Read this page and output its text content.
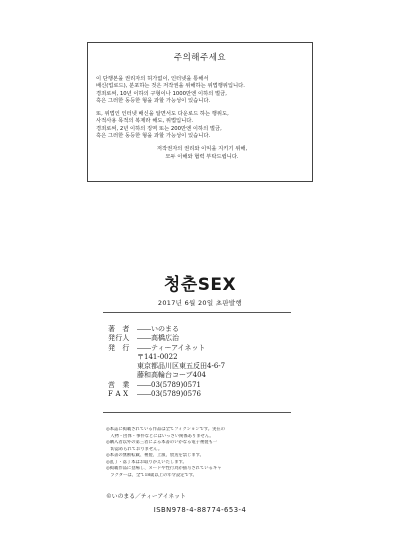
주의해주세요
이 단행본을 권리자의 허가없이, 인터넷을 통해서
배신(업로드), 분포하는 것은 저작권을 위해하는 위법행위입니다.
경죄로써, 10년 이하의 구형이나 1000만엔 이하의 벌금,
혹은 그러한 동등한 형을 과할 가능성이 있습니다.
또, 위법인 인터넷 배신을 알면서도 다운로드 하는 행위도,
사적사용 목적의 복제라 해도, 위법입니다.
경죄로써, 2년 이하의 징역 또는 200만엔 이하의 벌금,
혹은 그러한 동등한 형을 과할 가능성이 있습니다.
저작권자의 권리와 이익을 지키기 위해,
모두 이해와 협력 부탁드립니다.
청춘SEX
2017년 6월 20일 초판발행
著　者	――いのまる
発行人	――高橋広治
発　行	――ティーアイネット
〒141-0022
東京都品川区東五反田4-6-7
藤和高輪台コーブ404
営　業	――03(5789)0571
F A X	――03(5789)0576
◎本誌に掲載されている作品は全てフィクションです。実在の
　人物・団体・事件などにはいっさい関係ありません。
◎購入者以外の第三者による本書のいかなる電子複製も一
　切認められておりません。
◎本書の無断転載、複製、上演、放送を禁じます。
◎乱丁・落丁本はお取りかえいたします。
◎掲載作品に登場し、ヌードや性行為が描写されているキャ
　ラクターは、全て18歳以上の年令設定です。
©いのまる／ティーアイネット
ISBN978-4-88774-653-4
